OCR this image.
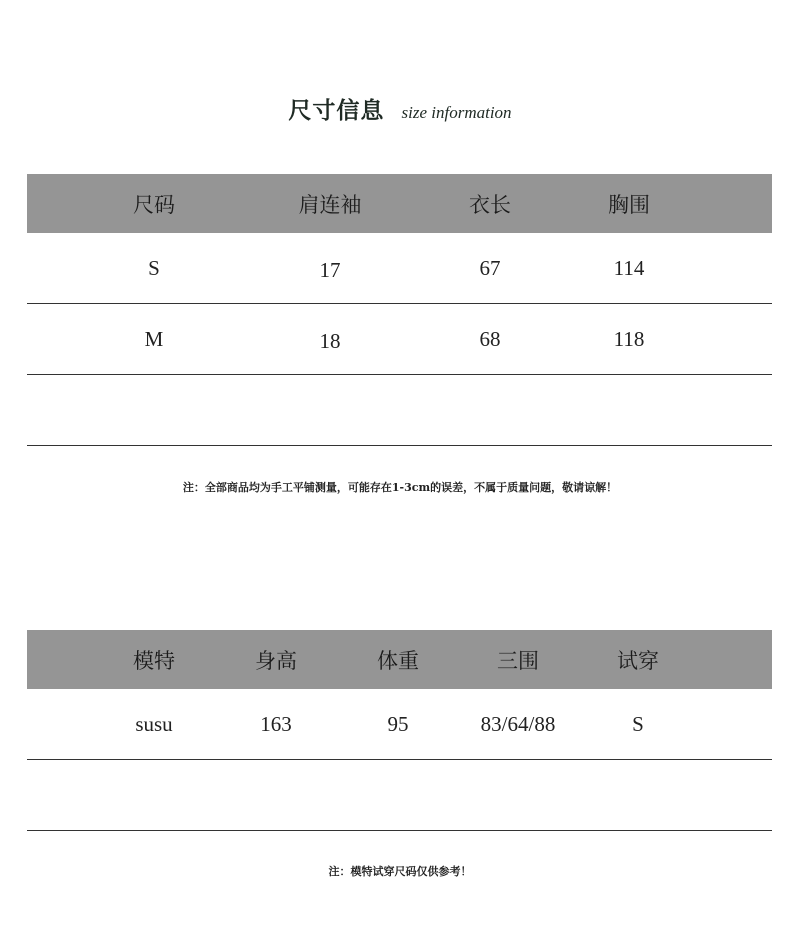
尺寸信息 size information
尺码	肩连袖	衣长	胸围
S	17	67	114
M	18	68	118
注：全部商品均为手工平铺测量，可能存在1-3cm的误差，不属于质量问题，敬请谅解！
模特	身高	体重	三围	试穿
susu	163	95	83/64/88	S
注：模特试穿尺码仅供参考！
